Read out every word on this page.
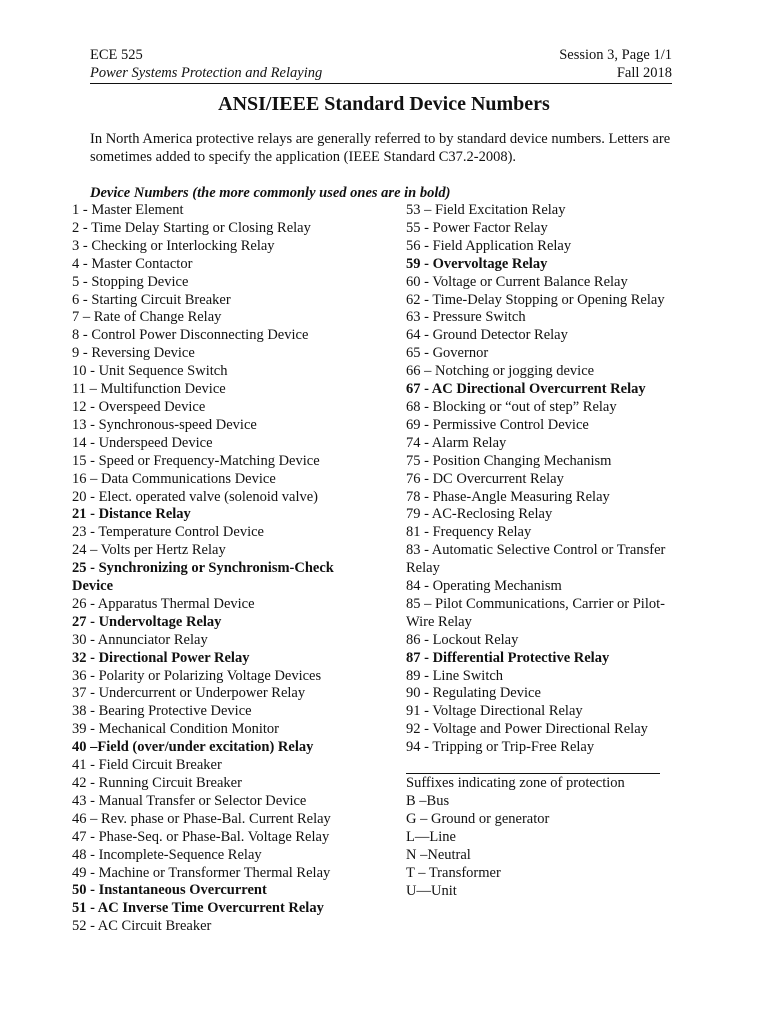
ECE 525	Session 3, Page 1/1
Power Systems Protection and Relaying	Fall 2018
ANSI/IEEE Standard Device Numbers
In North America protective relays are generally referred to by standard device numbers. Letters are sometimes added to specify the application (IEEE Standard C37.2-2008).
Device Numbers (the more commonly used ones are in bold)
1 - Master Element
2 - Time Delay Starting or Closing Relay
3 - Checking or Interlocking Relay
4 - Master Contactor
5 - Stopping Device
6 - Starting Circuit Breaker
7 – Rate of Change Relay
8 - Control Power Disconnecting Device
9 - Reversing Device
10 - Unit Sequence Switch
11 – Multifunction Device
12 - Overspeed Device
13 - Synchronous-speed Device
14 - Underspeed Device
15 - Speed or Frequency-Matching Device
16 – Data Communications Device
20 - Elect. operated valve (solenoid valve)
21 - Distance Relay
23 - Temperature Control Device
24 – Volts per Hertz Relay
25 - Synchronizing or Synchronism-Check
Device
26 - Apparatus Thermal Device
27 - Undervoltage Relay
30 - Annunciator Relay
32 - Directional Power Relay
36 - Polarity or Polarizing Voltage Devices
37 - Undercurrent or Underpower Relay
38 - Bearing Protective Device
39 - Mechanical Condition Monitor
40 –Field (over/under excitation) Relay
41 - Field Circuit Breaker
42 - Running Circuit Breaker
43 - Manual Transfer or Selector Device
46 – Rev. phase or Phase-Bal. Current Relay
47 - Phase-Seq. or Phase-Bal. Voltage Relay
48 - Incomplete-Sequence Relay
49 - Machine or Transformer Thermal Relay
50 - Instantaneous Overcurrent
51 - AC Inverse Time Overcurrent Relay
52 - AC Circuit Breaker
53 – Field Excitation Relay
55 - Power Factor Relay
56 - Field Application Relay
59 - Overvoltage Relay
60 - Voltage or Current Balance Relay
62 - Time-Delay Stopping or Opening Relay
63 - Pressure Switch
64 - Ground Detector Relay
65 - Governor
66 – Notching or jogging device
67 - AC Directional Overcurrent Relay
68 - Blocking or “out of step” Relay
69 - Permissive Control Device
74 - Alarm Relay
75 - Position Changing Mechanism
76 - DC Overcurrent Relay
78 - Phase-Angle Measuring Relay
79 - AC-Reclosing Relay
81 - Frequency Relay
83 - Automatic Selective Control or Transfer
Relay
84 - Operating Mechanism
85 – Pilot Communications, Carrier or Pilot-
Wire Relay
86 - Lockout Relay
87 - Differential Protective Relay
89 - Line Switch
90 - Regulating Device
91 - Voltage Directional Relay
92 - Voltage and Power Directional Relay
94 - Tripping or Trip-Free Relay
Suffixes indicating zone of protection
B –Bus
G – Ground or generator
L—Line
N –Neutral
T – Transformer
U—Unit
